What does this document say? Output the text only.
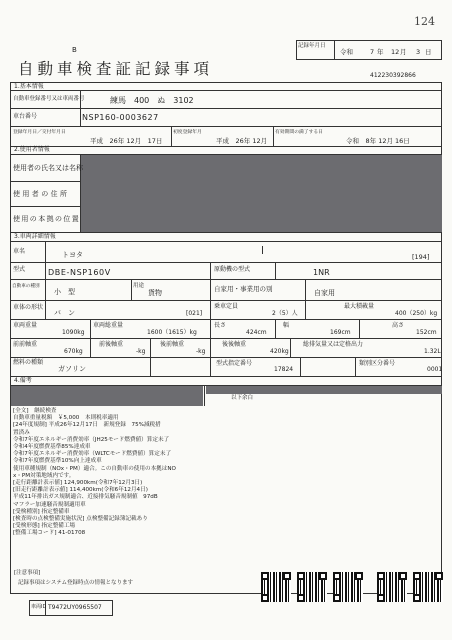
124
B	記録年月日
令和	7 年 12 月 3 日
自動車検査証記録事項	412230392866
1.基本情報
自動車登録番号又は車両番号	練馬　400　ぬ　3102
車台番号	NSP160-0003627
登録年月日／交付年月日
平成　26年 12月　17日
初度登録年月
平成　26年 12月
有効期間の満了する日
令和　8年 12月 16日
2.使用者情報
使用者の氏名又は名称
使用者の住所
使用の本拠の位置
3.車両詳細情報
車名	トヨタ	[194]
型式	DBE-NSP160V	原動機の型式	1NR
自動車の種別
小　型
用途
貨物	自家用・事業用の別	自家用
車体の形状
バ　ン	[021]
乗車定員
2（5）人
最大積載量
400（250）kg
車両重量
1090kg
車両総重量
1600（1615）kg
長さ
424cm
幅
169cm
高さ
152cm
前前軸重
670kg
前後軸重
-kg
後前軸重
-kg
後後軸重
420kg
総排気量又は定格出力
1.32L
燃料の種類
ガソリン
型式指定番号
17824
類別区分番号
0001
4.備考
以下余白
[全文]　継続検査
自動車重量税額　￥5,000　本則税率適用
[24年度規制] 平成26年12月17日　新規登録　75%減税措
置済み
令和7年度エネルギー消費効率（JH25モード燃費値）算定未了
令和4年度燃費基準85%達成車
令和7年度エネルギー消費効率（WLTCモード燃費値）算定未了
令和7年度燃費基準10%向上達成車
使用車種規制（NOx・PM）適合。この自動車の使用の本拠はNO
x・PM対策地域内です。
[走行距離計表示値] 124,900km(令和7年12月3日)
[旧走行距離計表示値] 114,400km(令和6年12月4日)
平成11年排出ガス規制適合、近接排気騒音規制値　97dB
マフラー加速騒音規制適用車
[受検種別] 指定整備車
[検査時の点検整備実施状況] 点検整備記録簿記載あり
[受検形態] 指定整備工場
[整備工場コード] 41-01708
[注意事項]
記録事項はシステム登録時点の情報となります
車両ID T9472UY0965507
